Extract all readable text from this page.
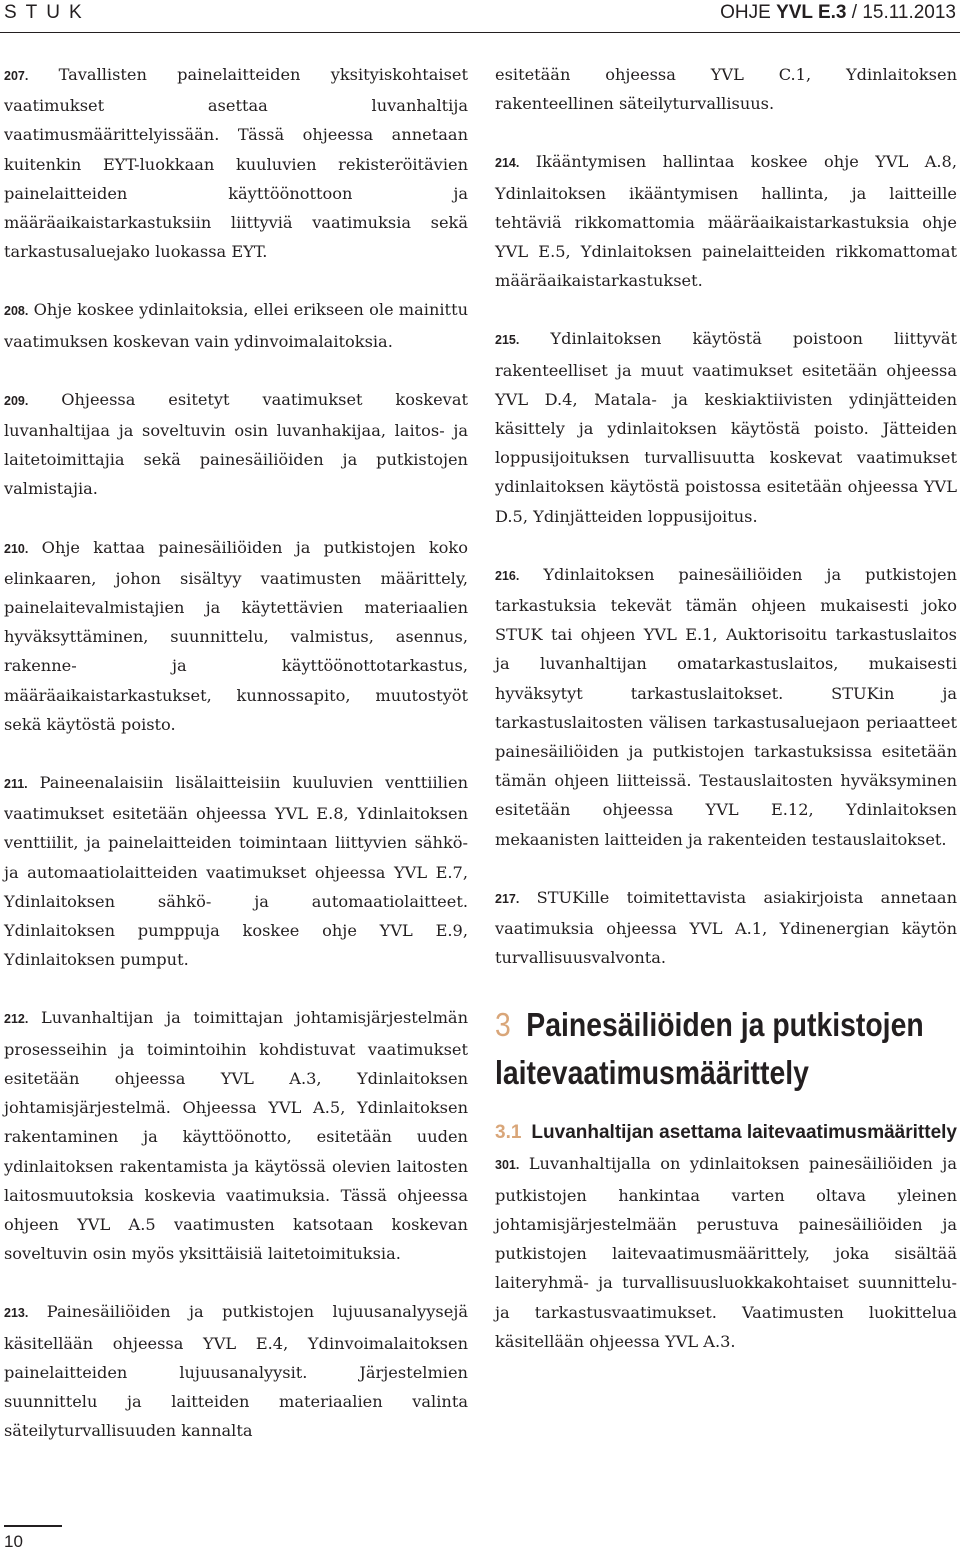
STUK	OHJE YVL E.3 / 15.11.2013

207. Tavallisten painelaitteiden yksityiskohtaiset vaatimukset asettaa luvanhaltija vaatimusmäärittelyissään. Tässä ohjeessa annetaan kuitenkin EYT-luokkaan kuuluvien rekisteröitävien painelaitteiden käyttöönottoon ja määräaikaistarkastuksiin liittyviä vaatimuksia sekä tarkastusaluejako luokassa EYT.

208. Ohje koskee ydinlaitoksia, ellei erikseen ole mainittu vaatimuksen koskevan vain ydinvoimalaitoksia.

209. Ohjeessa esitetyt vaatimukset koskevat luvanhaltijaa ja soveltuvin osin luvanhakijaa, laitos- ja laitetoimittajia sekä painesäiliöiden ja putkistojen valmistajia.

210. Ohje kattaa painesäiliöiden ja putkistojen koko elinkaaren, johon sisältyy vaatimusten määrittely, painelaitevalmistajien ja käytettävien materiaalien hyväksyttäminen, suunnittelu, valmistus, asennus, rakenne- ja käyttöönottotarkastus, määräaikaistarkastukset, kunnossapito, muutostyöt sekä käytöstä poisto.

211. Paineenalaisiin lisälaitteisiin kuuluvien venttiilien vaatimukset esitetään ohjeessa YVL E.8, Ydinlaitoksen venttiilit, ja painelaitteiden toimintaan liittyvien sähkö- ja automaatiolaitteiden vaatimukset ohjeessa YVL E.7, Ydinlaitoksen sähkö- ja automaatiolaitteet. Ydinlaitoksen pumppuja koskee ohje YVL E.9, Ydinlaitoksen pumput.

212. Luvanhaltijan ja toimittajan johtamisjärjestelmän prosesseihin ja toimintoihin kohdistuvat vaatimukset esitetään ohjeessa YVL A.3, Ydinlaitoksen johtamisjärjestelmä. Ohjeessa YVL A.5, Ydinlaitoksen rakentaminen ja käyttöönotto, esitetään uuden ydinlaitoksen rakentamista ja käytössä olevien laitosten laitosmuutoksia koskevia vaatimuksia. Tässä ohjeessa ohjeen YVL A.5 vaatimusten katsotaan koskevan soveltuvin osin myös yksittäisiä laitetoimituksia.

213. Painesäiliöiden ja putkistojen lujuusanalyysejä käsitellään ohjeessa YVL E.4, Ydinvoimalaitoksen painelaitteiden lujuusanalyysit. Järjestelmien suunnittelu ja laitteiden materiaalien valinta säteilyturvallisuuden kannalta

esitetään ohjeessa YVL C.1, Ydinlaitoksen rakenteellinen säteilyturvallisuus.

214. Ikääntymisen hallintaa koskee ohje YVL A.8, Ydinlaitoksen ikääntymisen hallinta, ja laitteille tehtäviä rikkomattomia määräaikaistarkastuksia ohje YVL E.5, Ydinlaitoksen painelaitteiden rikkomattomat määräaikaistarkastukset.

215. Ydinlaitoksen käytöstä poistoon liittyvät rakenteelliset ja muut vaatimukset esitetään ohjeessa YVL D.4, Matala- ja keskiaktiivisten ydinjätteiden käsittely ja ydinlaitoksen käytöstä poisto. Jätteiden loppusijoituksen turvallisuutta koskevat vaatimukset ydinlaitoksen käytöstä poistossa esitetään ohjeessa YVL D.5, Ydinjätteiden loppusijoitus.

216. Ydinlaitoksen painesäiliöiden ja putkistojen tarkastuksia tekevät tämän ohjeen mukaisesti joko STUK tai ohjeen YVL E.1, Auktorisoitu tarkastuslaitos ja luvanhaltijan omatarkastuslaitos, mukaisesti hyväksytyt tarkastuslaitokset. STUKin ja tarkastuslaitosten välisen tarkastusaluejaon periaatteet painesäiliöiden ja putkistojen tarkastuksissa esitetään tämän ohjeen liitteissä. Testauslaitosten hyväksyminen esitetään ohjeessa YVL E.12, Ydinlaitoksen mekaanisten laitteiden ja rakenteiden testauslaitokset.

217. STUKille toimitettavista asiakirjoista annetaan vaatimuksia ohjeessa YVL A.1, Ydinenergian käytön turvallisuusvalvonta.

3 Painesäiliöiden ja putkistojen laitevaatimusmäärittely
3.1 Luvanhaltijan asettama laitevaatimusmäärittely

301. Luvanhaltijalla on ydinlaitoksen painesäiliöiden ja putkistojen hankintaa varten oltava yleinen johtamisjärjestelmään perustuva painesäiliöiden ja putkistojen laitevaatimusmäärittely, joka sisältää laiteryhmä- ja turvallisuusluokkakohtaiset suunnittelu- ja tarkastusvaatimukset. Vaatimusten luokittelua käsitellään ohjeessa YVL A.3.

10
